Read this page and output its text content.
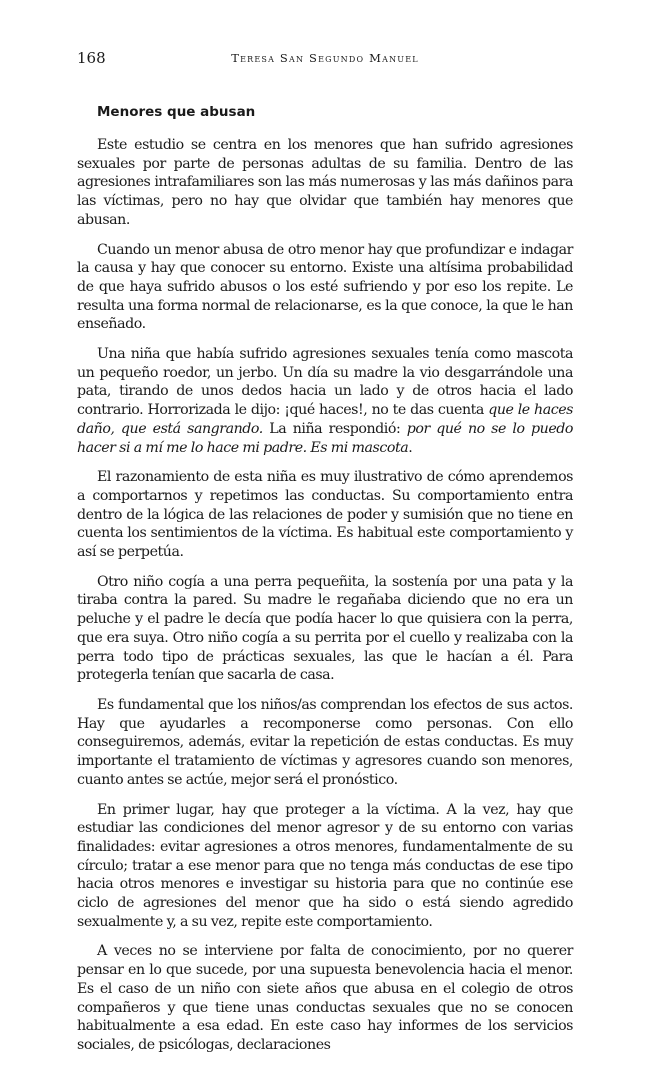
168	Teresa San Segundo Manuel
Menores que abusan

Este estudio se centra en los menores que han sufrido agresiones sexuales por parte de personas adultas de su familia. Dentro de las agresiones intrafamiliares son las más numerosas y las más dañinos para las víctimas, pero no hay que olvidar que también hay menores que abusan.

Cuando un menor abusa de otro menor hay que profundizar e indagar la causa y hay que conocer su entorno. Existe una altísima probabilidad de que haya sufrido abusos o los esté sufriendo y por eso los repite. Le resulta una forma normal de relacionarse, es la que conoce, la que le han enseñado.

Una niña que había sufrido agresiones sexuales tenía como mascota un pequeño roedor, un jerbo. Un día su madre la vio desgarrándole una pata, tirando de unos dedos hacia un lado y de otros hacia el lado contrario. Horrorizada le dijo: ¡qué haces!, no te das cuenta que le haces daño, que está sangrando. La niña respondió: por qué no se lo puedo hacer si a mí me lo hace mi padre. Es mi mascota.

El razonamiento de esta niña es muy ilustrativo de cómo aprendemos a comportarnos y repetimos las conductas. Su comportamiento entra dentro de la lógica de las relaciones de poder y sumisión que no tiene en cuenta los sentimientos de la víctima. Es habitual este comportamiento y así se perpetúa.

Otro niño cogía a una perra pequeñita, la sostenía por una pata y la tiraba contra la pared. Su madre le regañaba diciendo que no era un peluche y el padre le decía que podía hacer lo que quisiera con la perra, que era suya. Otro niño cogía a su perrita por el cuello y realizaba con la perra todo tipo de prácticas sexuales, las que le hacían a él. Para protegerla tenían que sacarla de casa.

Es fundamental que los niños/as comprendan los efectos de sus actos. Hay que ayudarles a recomponerse como personas. Con ello conseguiremos, además, evitar la repetición de estas conductas. Es muy importante el tratamiento de víctimas y agresores cuando son menores, cuanto antes se actúe, mejor será el pronóstico.

En primer lugar, hay que proteger a la víctima. A la vez, hay que estudiar las condiciones del menor agresor y de su entorno con varias finalidades: evitar agresiones a otros menores, fundamentalmente de su círculo; tratar a ese menor para que no tenga más conductas de ese tipo hacia otros menores e investigar su historia para que no continúe ese ciclo de agresiones del menor que ha sido o está siendo agredido sexualmente y, a su vez, repite este comportamiento.

A veces no se interviene por falta de conocimiento, por no querer pensar en lo que sucede, por una supuesta benevolencia hacia el menor. Es el caso de un niño con siete años que abusa en el colegio de otros compañeros y que tiene unas conductas sexuales que no se conocen habitualmente a esa edad. En este caso hay informes de los servicios sociales, de psicólogas, declaraciones
